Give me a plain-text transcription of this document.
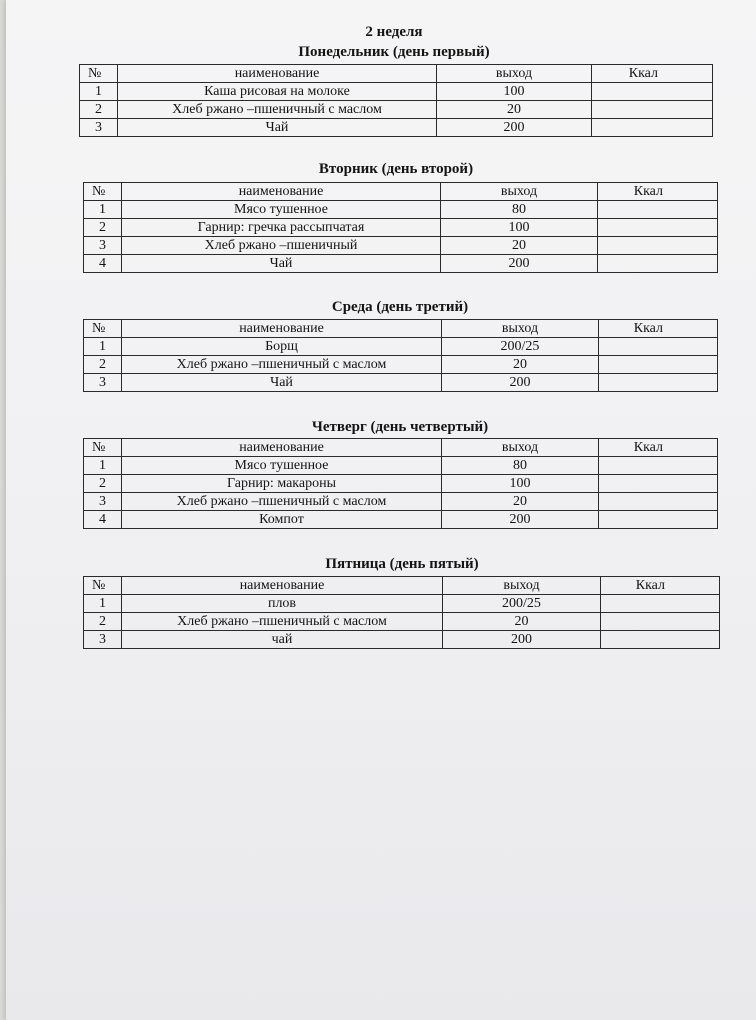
2 неделя
Понедельник (день первый)
№	наименование	выход	Ккал
1	Каша рисовая на молоке	100	
2	Хлеб ржано –пшеничный с маслом	20	
3	Чай	200	
Вторник (день второй)
№	наименование	выход	Ккал
1	Мясо тушенное	80	
2	Гарнир: гречка рассыпчатая	100	
3	Хлеб ржано –пшеничный	20	
4	Чай	200	
Среда (день третий)
№	наименование	выход	Ккал
1	Борщ	200/25	
2	Хлеб ржано –пшеничный с маслом	20	
3	Чай	200	
Четверг (день четвертый)
№	наименование	выход	Ккал
1	Мясо тушенное	80	
2	Гарнир: макароны	100	
3	Хлеб ржано –пшеничный с маслом	20	
4	Компот	200	
Пятница (день пятый)
№	наименование	выход	Ккал
1	плов	200/25	
2	Хлеб ржано –пшеничный с маслом	20	
3	чай	200	
